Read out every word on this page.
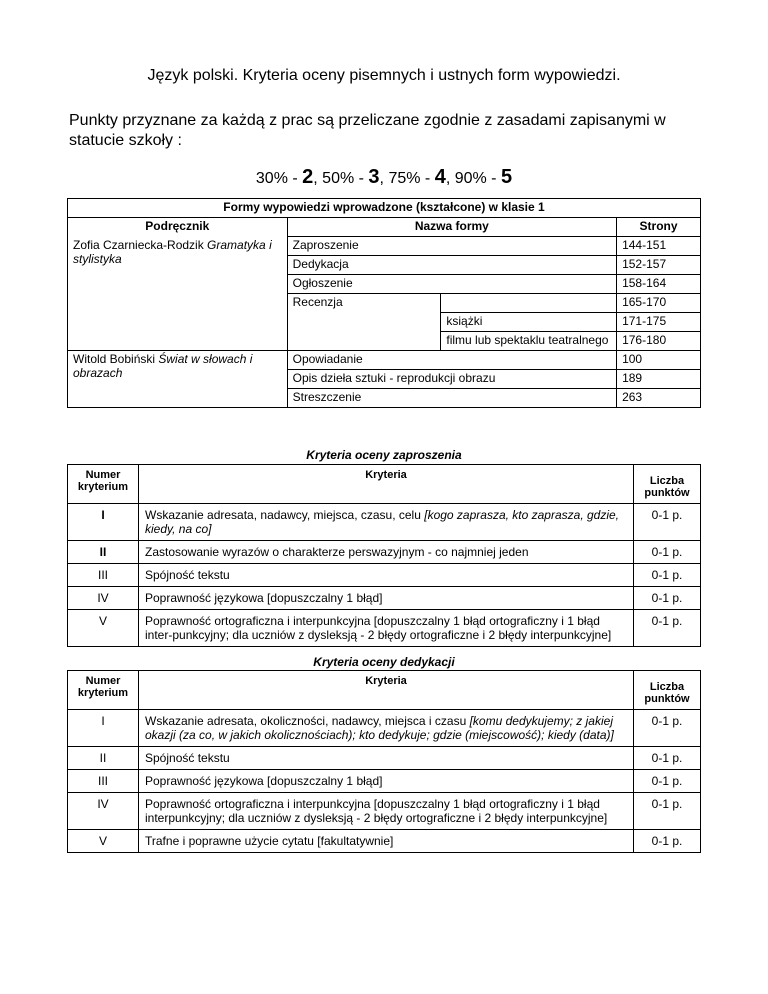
Język polski. Kryteria oceny pisemnych i ustnych form wypowiedzi.
Punkty przyznane za każdą z prac są przeliczane zgodnie z zasadami zapisanymi w statucie szkoły :
30% - 2, 50% - 3, 75% - 4, 90% - 5
Formy wypowiedzi wprowadzone (kształcone) w klasie 1			
Podręcznik	Nazwa formy		Strony
Zofia Czarniecka-Rodzik Gramatyka i stylistyka	Zaproszenie		144-151
	Dedykacja		152-157
	Ogłoszenie		158-164
	Recenzja		165-170
		książki	171-175
		filmu lub spektaklu teatralnego	176-180
Witold Bobiński Świat w słowach i obrazach	Opowiadanie		100
	Opis dzieła sztuki - reprodukcji obrazu		189
	Streszczenie		263
Kryteria oceny zaproszenia
Numer kryterium	Kryteria	Liczba punktów
I	Wskazanie adresata, nadawcy, miejsca, czasu, celu [kogo zaprasza, kto zaprasza, gdzie, kiedy, na co]	0-1 p.
II	Zastosowanie wyrazów o charakterze perswazyjnym - co najmniej jeden	0-1 p.
III	Spójność tekstu	0-1 p.
IV	Poprawność językowa [dopuszczalny 1 błąd]	0-1 p.
V	Poprawność ortograficzna i interpunkcyjna [dopuszczalny 1 błąd ortograficzny i 1 błąd inter-punkcyjny; dla uczniów z dysleksją - 2 błędy ortograficzne i 2 błędy interpunkcyjne]	0-1 p.
Kryteria oceny dedykacji
Numer kryterium	Kryteria	Liczba punktów
I	Wskazanie adresata, okoliczności, nadawcy, miejsca i czasu [komu dedykujemy; z jakiej okazji (za co, w jakich okolicznościach); kto dedykuje; gdzie (miejscowość); kiedy (data)]	0-1 p.
II	Spójność tekstu	0-1 p.
III	Poprawność językowa [dopuszczalny 1 błąd]	0-1 p.
IV	Poprawność ortograficzna i interpunkcyjna [dopuszczalny 1 błąd ortograficzny i 1 błąd interpunkcyjny; dla uczniów z dysleksją - 2 błędy ortograficzne i 2 błędy interpunkcyjne]	0-1 p.
V	Trafne i poprawne użycie cytatu [fakultatywnie]	0-1 p.
